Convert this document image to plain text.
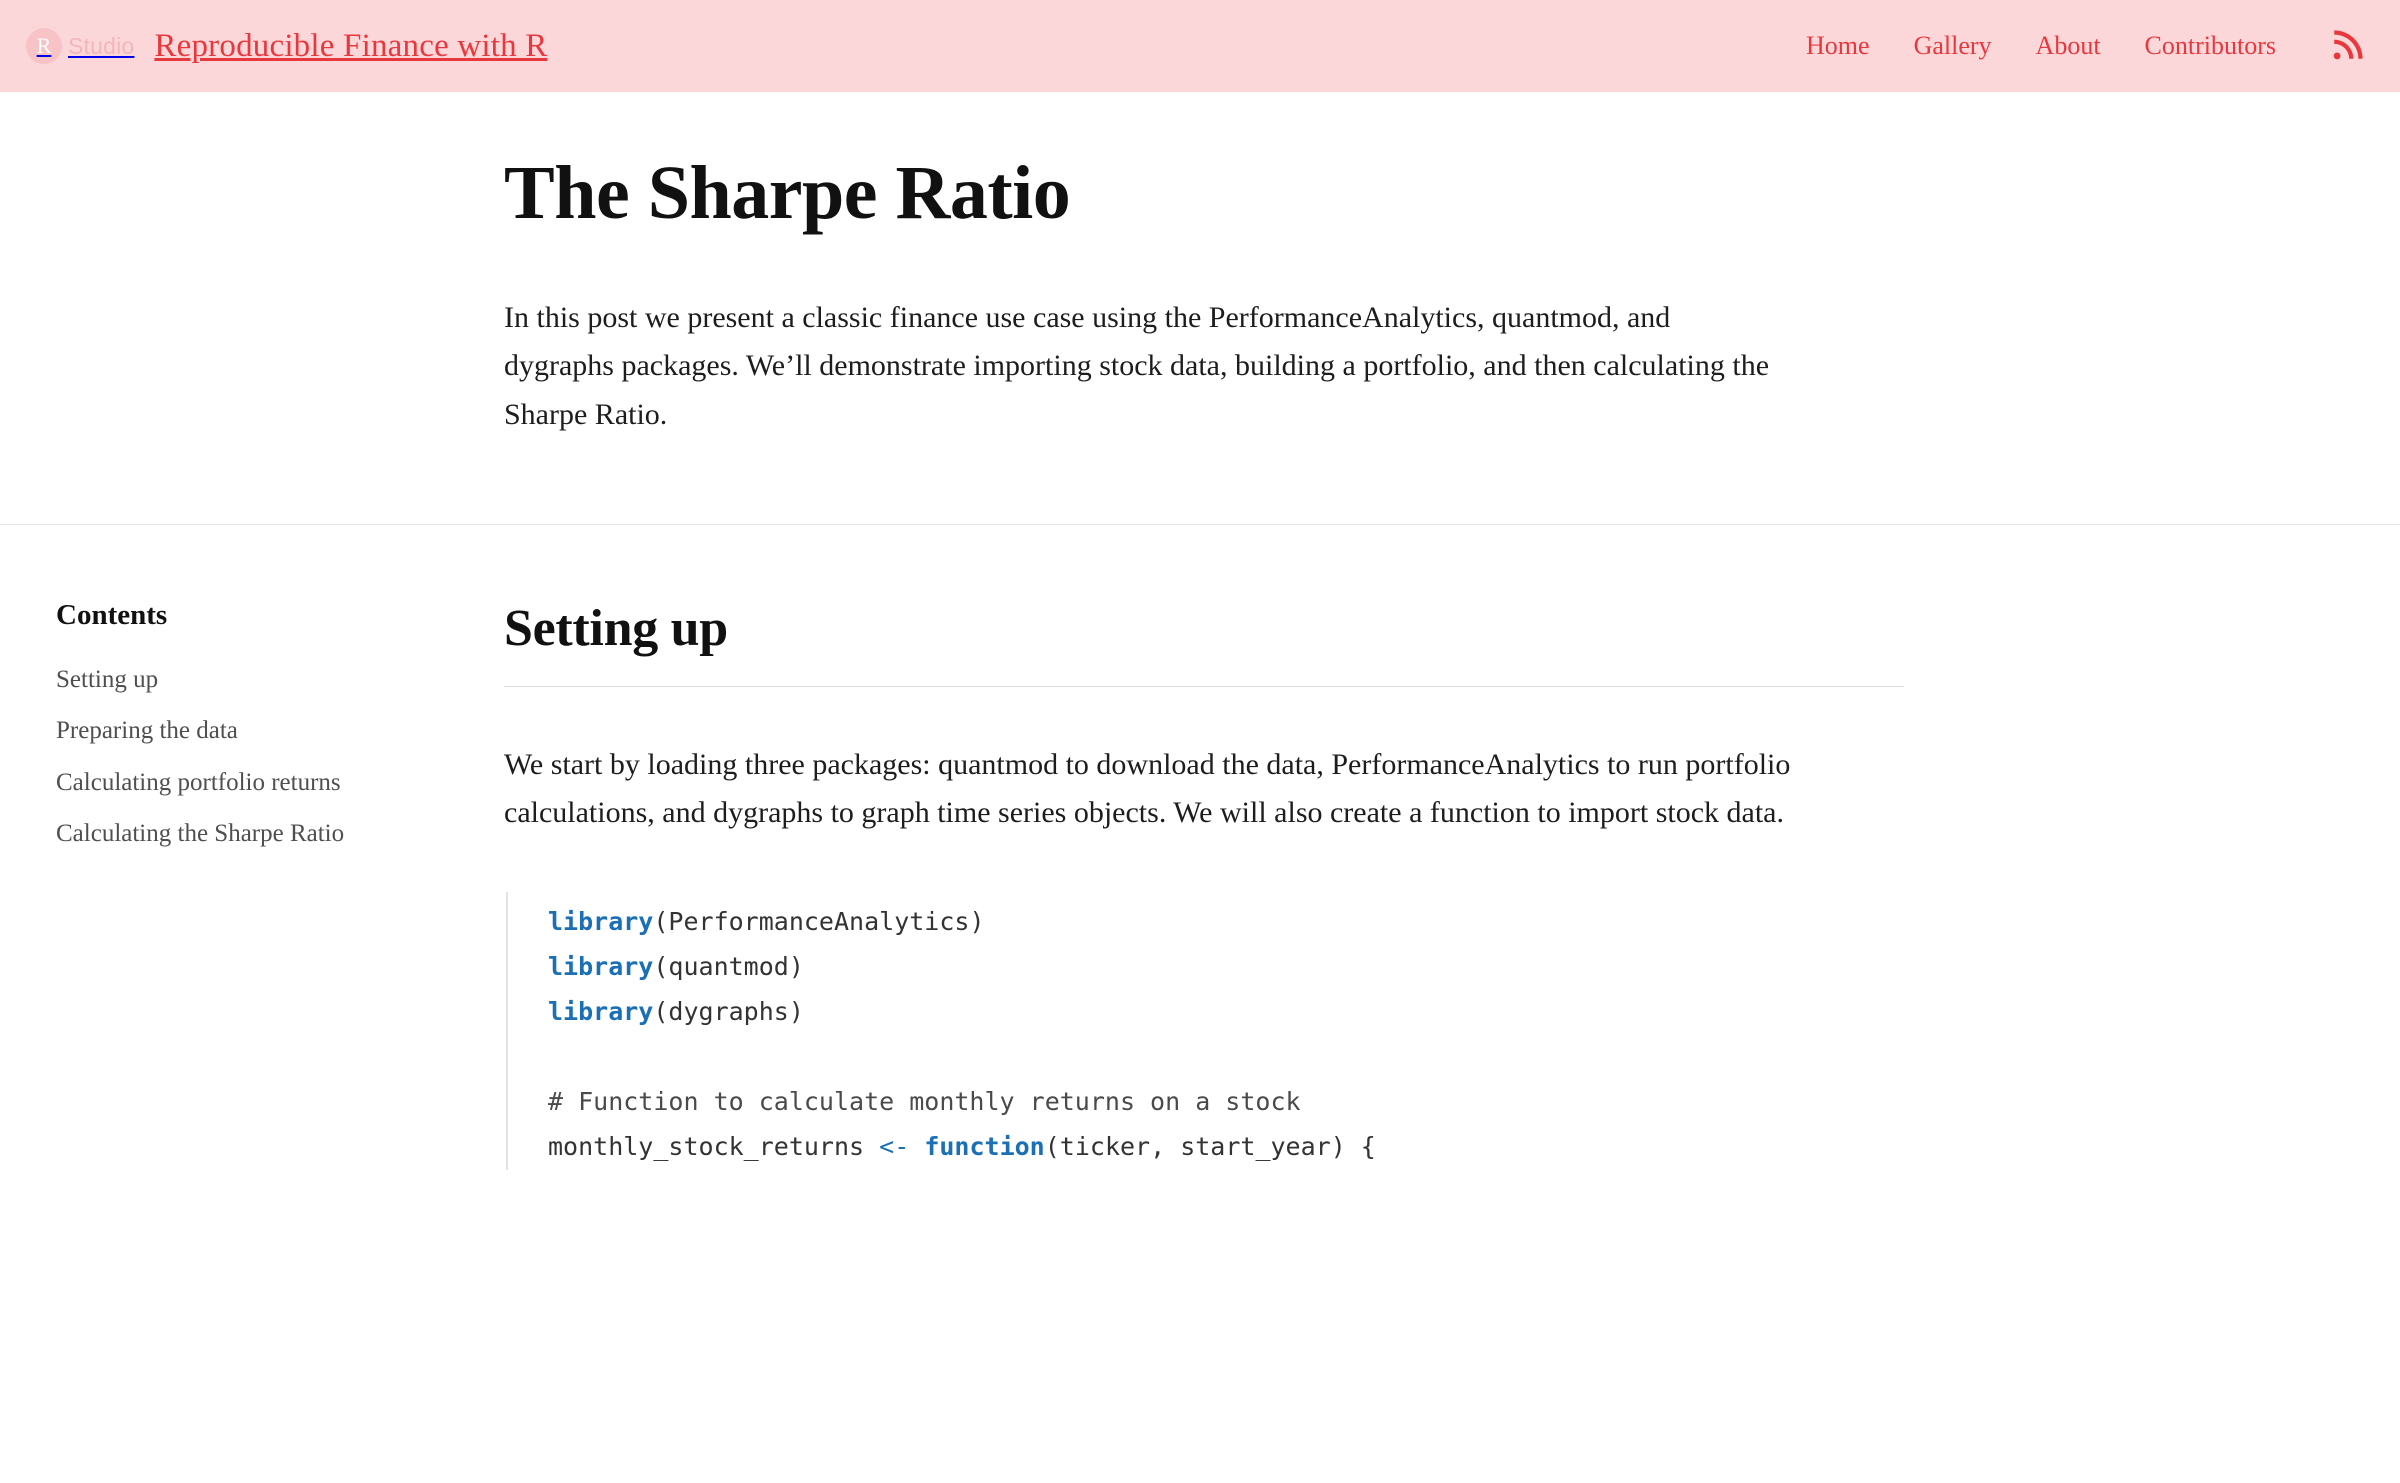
R Studio Reproducible Finance with R	Home Gallery About Contributors
The Sharpe Ratio

In this post we present a classic finance use case using the PerformanceAnalytics, quantmod, and dygraphs packages. We’ll demonstrate importing stock data, building a portfolio, and then calculating the Sharpe Ratio.

Contents
Setting up
Preparing the data
Calculating portfolio returns
Calculating the Sharpe Ratio
Setting up

We start by loading three packages: quantmod to download the data, PerformanceAnalytics to run portfolio calculations, and dygraphs to graph time series objects. We will also create a function to import stock data.

library(PerformanceAnalytics)
library(quantmod)
library(dygraphs)

# Function to calculate monthly returns on a stock
monthly_stock_returns <- function(ticker, start_year) {
